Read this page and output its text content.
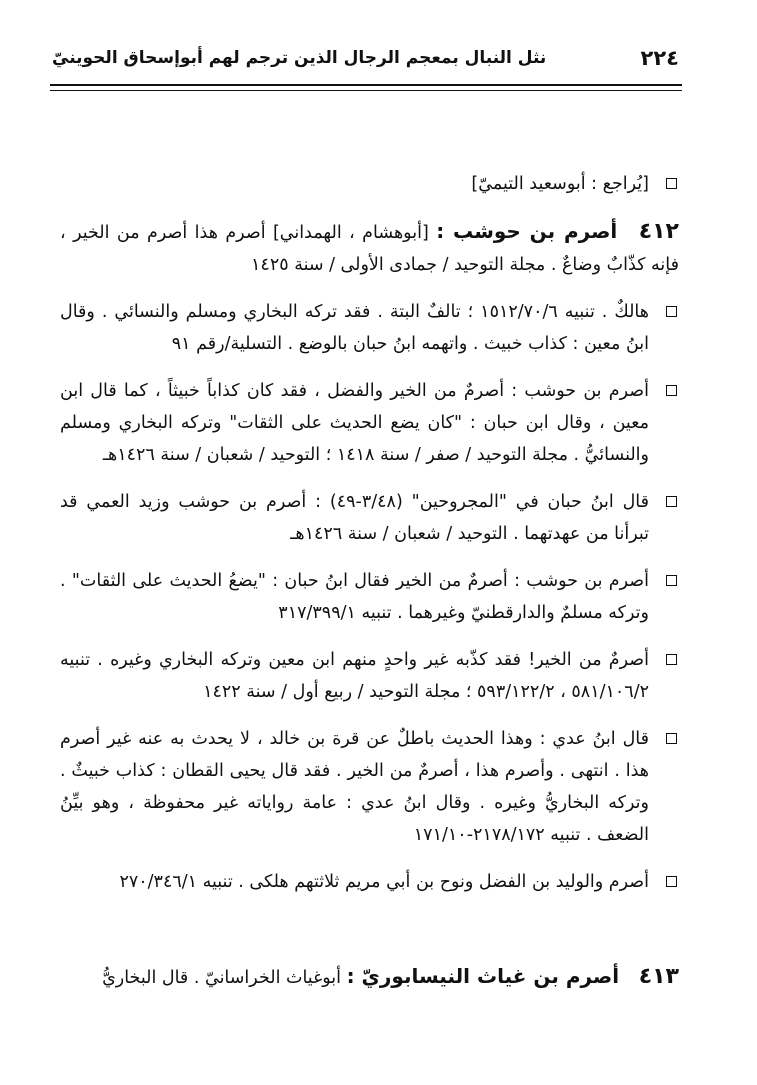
٢٢٤
نثل النبال بمعجم الرجال الذين ترجم لهم أبوإسحاق الحوينيّ

[يُراجع : أبوسعيد التيميّ]

٤١٢ أصرم بن حوشب : [أبوهشام ، الهمداني] أصرم هذا أصرم من الخير ، فإنه كذّابٌ وضاعٌ . مجلة التوحيد / جمادى الأولى / سنة ١٤٢٥

هالكٌ . تنبيه ١٥١٢/٧٠/٦ ؛ تالفٌ البتة . فقد تركه البخاري ومسلم والنسائي . وقال ابنُ معين : كذاب خبيث . واتهمه ابنُ حبان بالوضع . التسلية/رقم ٩١

أصرم بن حوشب : أصرمٌ من الخير والفضل ، فقد كان كذاباً خبيثاً ، كما قال ابن معين ، وقال ابن حبان : "كان يضع الحديث على الثقات" وتركه البخاري ومسلم والنسائيُّ . مجلة التوحيد / صفر / سنة ١٤١٨ ؛ التوحيد / شعبان / سنة ١٤٢٦هـ

قال ابنُ حبان في "المجروحين" (٣/٤٨-٤٩) : أصرم بن حوشب وزيد العمي قد تبرأنا من عهدتهما . التوحيد / شعبان / سنة ١٤٢٦هـ

أصرم بن حوشب : أصرمٌ من الخير فقال ابنُ حبان : "يضعُ الحديث على الثقات" . وتركه مسلمٌ والدارقطنيّ وغيرهما . تنبيه ٣١٧/٣٩٩/١

أصرمٌ من الخير! فقد كذّبه غير واحدٍ منهم ابن معين وتركه البخاري وغيره . تنبيه ٥٨١/١٠٦/٢ ، ٥٩٣/١٢٢/٢ ؛ مجلة التوحيد / ربيع أول / سنة ١٤٢٢

قال ابنُ عدي : وهذا الحديث باطلٌ عن قرة بن خالد ، لا يحدث به عنه غير أصرم هذا . انتهى . وأصرم هذا ، أصرمٌ من الخير . فقد قال يحيى القطان : كذاب خبيثٌ . وتركه البخاريُّ وغيره . وقال ابنُ عدي : عامة رواياته غير محفوظة ، وهو بيِّنُ الضعف . تنبيه ٢١٧٨/١٧٢-١٧١/١٠

أصرم والوليد بن الفضل ونوح بن أبي مريم ثلاثتهم هلكى . تنبيه ٢٧٠/٣٤٦/١

٤١٣ أصرم بن غياث النيسابوريّ : أبوغياث الخراسانيّ . قال البخاريُّ
